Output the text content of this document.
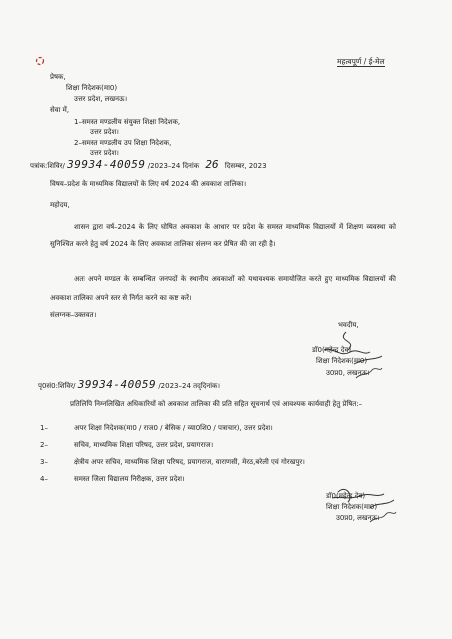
महत्वपूर्ण / ई-मेल
प्रेषक,
शिक्षा निदेशक(मा0)
उत्तर प्रदेश, लखनऊ।
सेवा में,
1–समस्त मण्डलीय संयुक्त शिक्षा निदेशक,
उत्तर प्रदेश।
2–समस्त मण्डलीय उप शिक्षा निदेशक,
उत्तर प्रदेश।
पत्रांक:शिविर/ 39934-40059 /2023–24 दिनांक 26 दिसम्बर, 2023
विषय–प्रदेश के माध्यमिक विद्यालयों के लिए वर्ष 2024 की अवकाश तालिका।
महोदय,
शासन द्वारा वर्ष–2024 के लिए घोषित अवकाश के आधार पर प्रदेश के समस्त माध्यमिक विद्यालयों में शिक्षण व्यवस्था को सुनिश्चित करने हेतु वर्ष 2024 के लिए अवकाश तालिका संलग्न कर प्रेषित की जा रही है।
अतः अपने मण्डल के सम्बन्धित जनपदों के स्थानीय अवकाशों को यथावश्यक समायोजित करते हुए माध्यमिक विद्यालयों की अवकाश तालिका अपने स्तर से निर्गत करने का कष्ट करें।
संलग्नक–उक्तवत।
भवदीय,
डॉ0(महेन्द्र देव)
शिक्षा निदेशक(मा0)
उ0प्र0, लखनऊ।
पृ0सं0:शिविर/ 39934-40059 /2023–24 तद्‌दिनांक।
प्रतिलिपि निम्नलिखित अधिकारियों को अवकाश तालिका की प्रति सहित सूचनार्थ एवं आवश्यक कार्यवाही हेतु प्रेषित:–
1–	अपर शिक्षा निदेशक(मा0 / राज0 / बेसिक / व्या0शि0 / पत्राचार), उत्तर प्रदेश।
2–	सचिव, माध्यमिक शिक्षा परिषद, उत्तर प्रदेश, प्रयागराज।
3–	क्षेत्रीय अपर सचिव, माध्यमिक शिक्षा परिषद, प्रयागराज, वाराणसी, मेरठ,बरेली एवं गोरखपुर।
4–	समस्त जिला विद्यालय निरीक्षक, उत्तर प्रदेश।
डॉ0(महेन्द्र देव)
शिक्षा निदेशक(मा0)
उ0प्र0, लखनऊ।
